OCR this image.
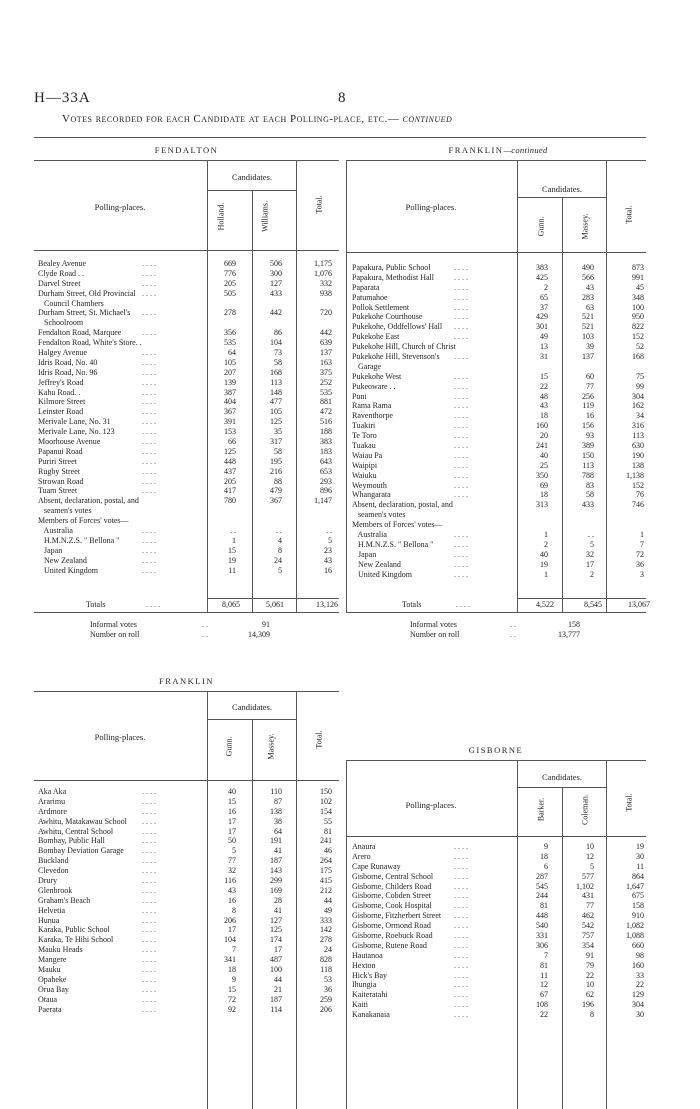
H—33A	8
Votes recorded for each Candidate at each Polling-place, etc.— continued
FENDALTON
Polling-places.
Candidates.
Holland.	Williams.	Total.
Bealey Avenue	. . . .	669	506	1,175
Clyde Road . .	. . . .	776	300	1,076
Darvel Street	. . . .	205	127	332
Durham Street, Old Provincial . . . .	505	433	938
Council Chambers
Durham Street, St. Michael's . . . .	278	442	720
Schoolroom
Fendalton Road, Marquee	. . . .	356	86	442
Fendalton Road, White's Store. .	535	104	639
Halgey Avenue	. . . .	64	73	137
Idris Road, No. 40	. . . .	105	58	163
Idris Road, No. 96	. . . .	207	168	375
Jeffrey's Road	. . . .	139	113	252
Kahu Road. .	. . . .	387	148	535
Kilmore Street	. . . .	404	477	881
Leinster Road	. . . .	367	105	472
Merivale Lane, No. 31	. . . .	391	125	516
Merivale Lane, No. 123	. . . .	153	35	188
Moorhouse Avenue	. . . .	66	317	383
Papanui Road	. . . .	125	58	183
Puriri Street	. . . .	448	195	643
Rugby Street	. . . .	437	216	653
Strowan Road	. . . .	205	88	293
Tuam Street	. . . .	417	479	896
Absent, declaration, postal, and	780	367	1,147
seamen's votes
Members of Forces' votes—
Australia	. . . .	. .	. .	. .
H.M.N.Z.S. " Bellona "	. . . .	1	4	5
Japan	. . . .	15	8	23
New Zealand	. . . .	19	24	43
United Kingdom	. . . .	11	5	16
Totals	. . . .	8,065	5,061	13,126
Informal votes	. .	91
Number on roll	. .	14,309
FRANKLIN—continued
Polling-places.
Candidates.
Gunn.	Massey.	Total.
Papakura, Public School	. . . .	383	490	873
Papakura, Methodist Hall	. . . .	425	566	991
Paparata	. . . .	2	43	45
Patumahoe	. . . .	65	283	348
Pollok Settlement	. . . .	37	63	100
Pukekohe Courthouse	. . . .	429	521	950
Pukekohe, Oddfellows' Hall . . . .	301	521	822
Pukekohe East	. . . .	49	103	152
Pukekohe Hill, Church of Christ	13	39	52
Pukekohe Hill, Stevenson's . . . .	31	137	168
Garage
Pukekohe West	. . . .	15	60	75
Pukeoware . .	. . . .	22	77	99
Puni	. . . .	48	256	304
Rama Rama	. . . .	43	119	162
Raventhorpe	. . . .	18	16	34
Tuakiri	. . . .	160	156	316
Te Toro	. . . .	20	93	113
Tuakau	. . . .	241	389	630
Waiau Pa	. . . .	40	150	190
Waipipi	. . . .	25	113	138
Waiuku	. . . .	350	788	1,138
Weymouth	. . . .	69	83	152
Whangarata	. . . .	18	58	76
Absent, declaration, postal, and	313	433	746
seamen's votes
Members of Forces' votes—
Australia	. . . .	1	. .	1
H.M.N.Z.S. " Bellona "	. . . .	2	5	7
Japan	. . . .	40	32	72
New Zealand	. . . .	19	17	36
United Kingdom	. . . .	1	2	3
Totals	. . . .	4,522	8,545	13,067
Informal votes	. .	158
Number on roll	. .	13,777
FRANKLIN
Polling-places.
Candidates.
Gunn.	Massey.	Total.
Aka Aka	. . . .	40	110	150
Ararimu	. . . .	15	87	102
Ardmore	. . . .	16	138	154
Awhitu, Matakawau School . . . .	17	38	55
Awhitu, Central School	. . . .	17	64	81
Bombay, Public Hall	. . . .	50	191	241
Bombay Deviation Garage . . . .	5	41	46
Buckland	. . . .	77	187	264
Clevedon	. . . .	32	143	175
Drury	. . . .	116	299	415
Glenbrook	. . . .	43	169	212
Graham's Beach	. . . .	16	28	44
Helvetia	. . . .	8	41	49
Hunua	. . . .	206	127	333
Karaka, Public School	. . . .	17	125	142
Karaka, Te Hihi School	. . . .	104	174	278
Mauku Heads	. . . .	7	17	24
Mangere	. . . .	341	487	828
Mauku	. . . .	18	100	118
Opaheke	. . . .	9	44	53
Orua Bay	. . . .	15	21	36
Otaua	. . . .	72	187	259
Paerata	. . . .	92	114	206
GISBORNE
Polling-places.
Candidates.
Barker.	Coleman.	Total.
Anaura	. . . .	9	10	19
Arero	. . . .	18	12	30
Cape Runaway	. . . .	6	5	11
Gisborne, Central School	. . . .	287	577	864
Gisborne, Childers Road	. . . .	545	1,102	1,647
Gisborne, Cobden Street	. . . .	244	431	675
Gisborne, Cook Hospital	. . . .	81	77	158
Gisborne, Fitzherbert Street . . . .	448	462	910
Gisborne, Ormond Road	. . . .	540	542	1,082
Gisborne, Roebuck Road	. . . .	331	757	1,088
Gisborne, Rutene Road	. . . .	306	354	660
Hautanoa	. . . .	7	91	98
Hexton	. . . .	81	79	160
Hick's Bay	. . . .	11	22	33
Ihungia	. . . .	12	10	22
Kaiteratahi	. . . .	67	62	129
Kaiti	. . . .	108	196	304
Kanakanaia	. . . .	22	8	30
